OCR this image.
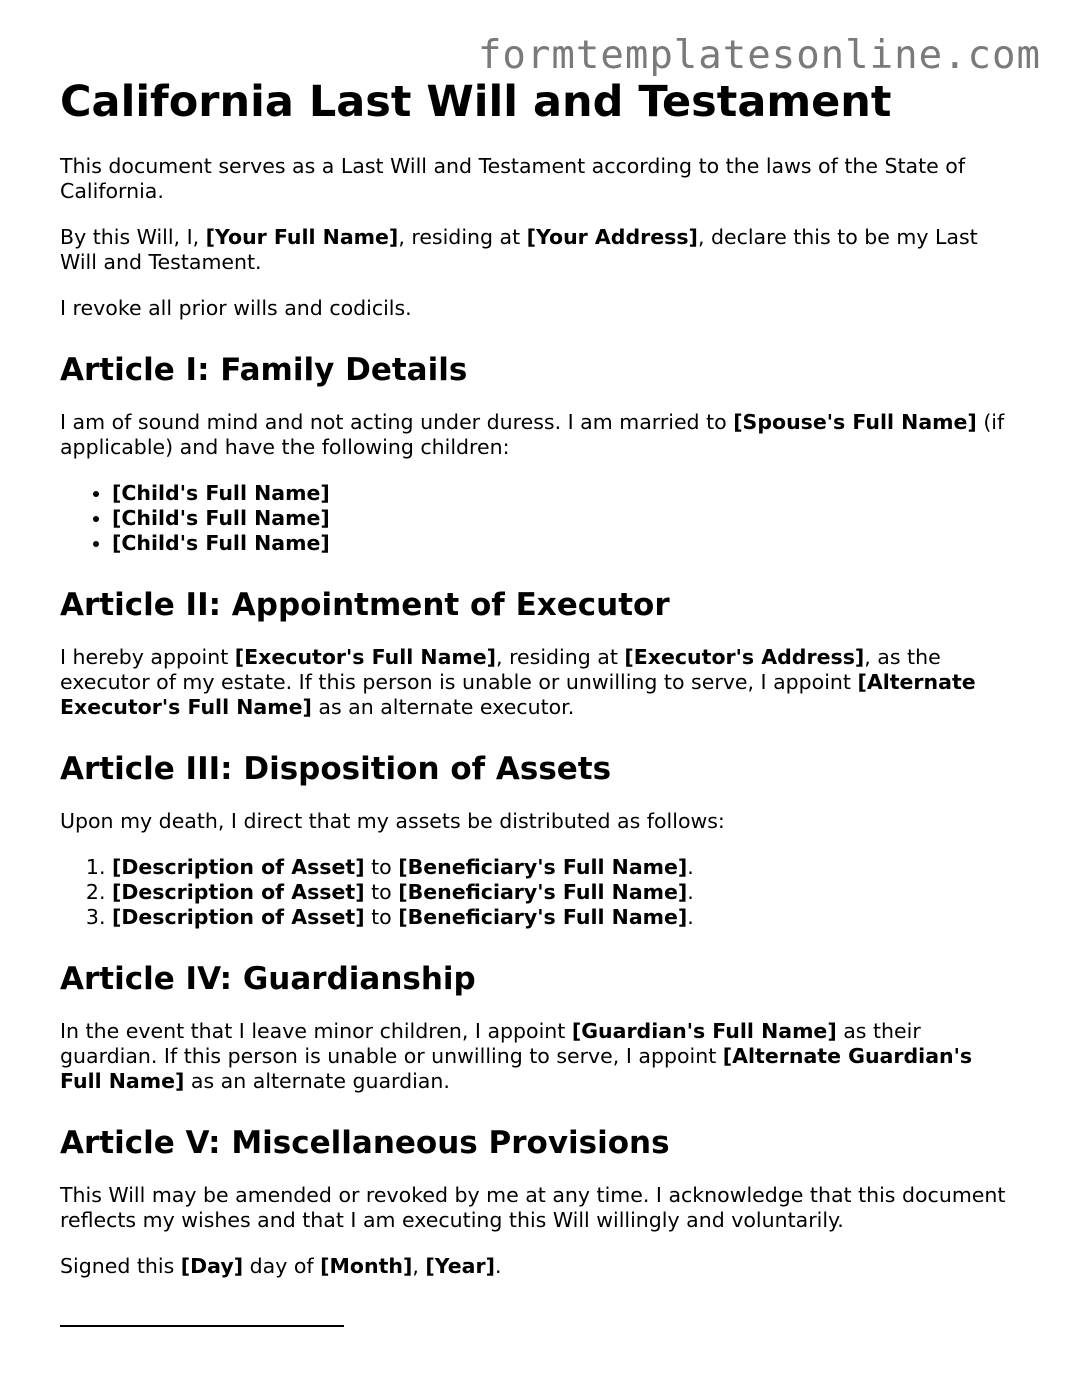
formtemplatesonline.com
California Last Will and Testament

This document serves as a Last Will and Testament according to the laws of the State of California.

By this Will, I, [Your Full Name], residing at [Your Address], declare this to be my Last Will and Testament.

I revoke all prior wills and codicils.

Article I: Family Details

I am of sound mind and not acting under duress. I am married to [Spouse's Full Name] (if applicable) and have the following children:

• [Child's Full Name]
• [Child's Full Name]
• [Child's Full Name]
Article II: Appointment of Executor

I hereby appoint [Executor's Full Name], residing at [Executor's Address], as the executor of my estate. If this person is unable or unwilling to serve, I appoint [Alternate Executor's Full Name] as an alternate executor.

Article III: Disposition of Assets

Upon my death, I direct that my assets be distributed as follows:

1. [Description of Asset] to [Beneficiary's Full Name].
2. [Description of Asset] to [Beneficiary's Full Name].
3. [Description of Asset] to [Beneficiary's Full Name].
Article IV: Guardianship

In the event that I leave minor children, I appoint [Guardian's Full Name] as their guardian. If this person is unable or unwilling to serve, I appoint [Alternate Guardian's Full Name] as an alternate guardian.

Article V: Miscellaneous Provisions

This Will may be amended or revoked by me at any time. I acknowledge that this document reflects my wishes and that I am executing this Will willingly and voluntarily.

Signed this [Day] day of [Month], [Year].
